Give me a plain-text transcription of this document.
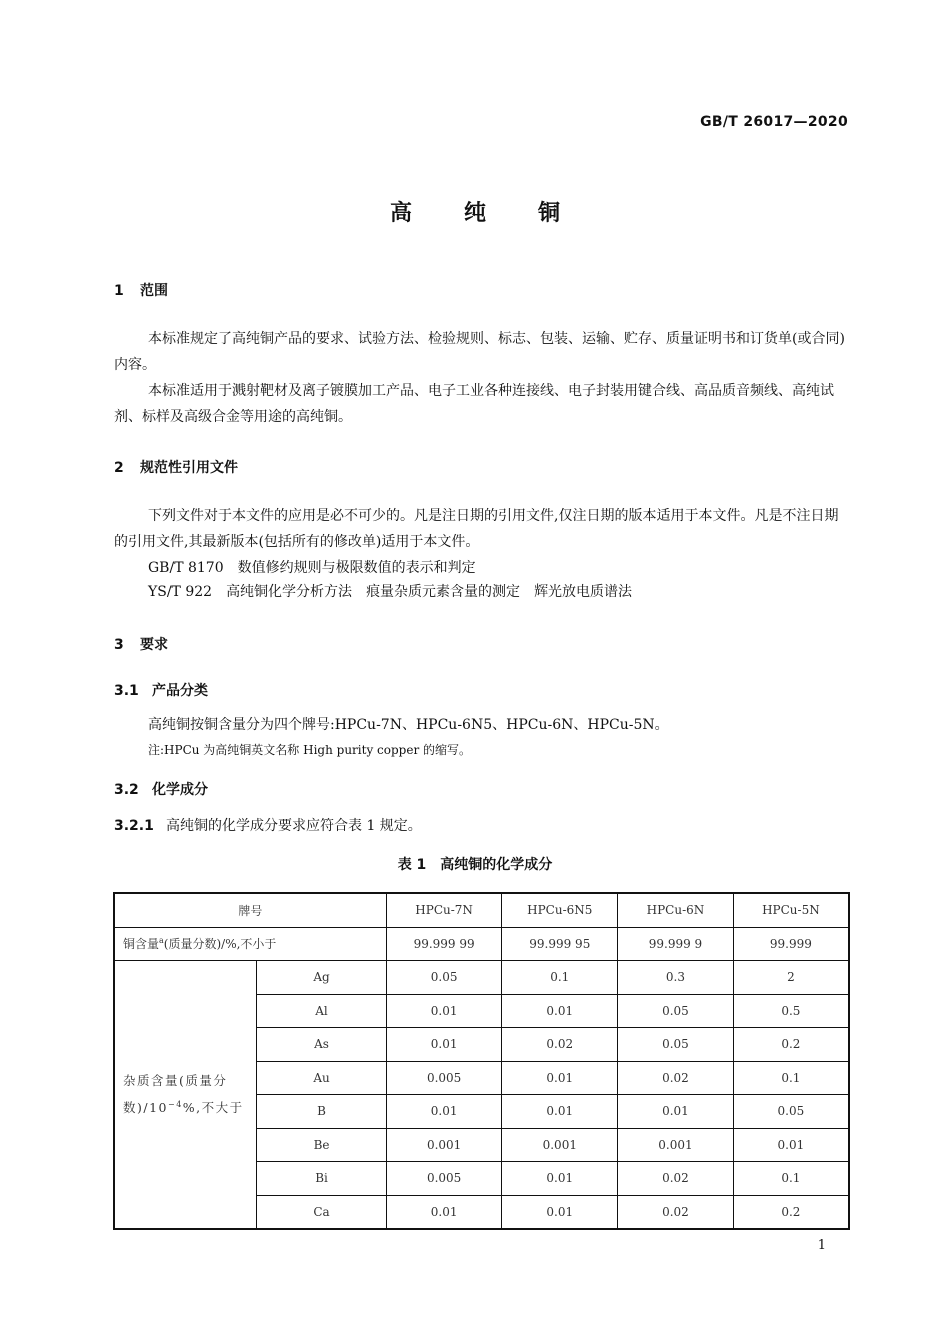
GB/T 26017—2020
高 纯 铜
1 范围
本标准规定了高纯铜产品的要求、试验方法、检验规则、标志、包装、运输、贮存、质量证明书和订货单(或合同)内容。
本标准适用于溅射靶材及离子镀膜加工产品、电子工业各种连接线、电子封装用键合线、高品质音频线、高纯试剂、标样及高级合金等用途的高纯铜。
2 规范性引用文件
下列文件对于本文件的应用是必不可少的。凡是注日期的引用文件,仅注日期的版本适用于本文件。凡是不注日期的引用文件,其最新版本(包括所有的修改单)适用于本文件。
GB/T 8170  数值修约规则与极限数值的表示和判定
YS/T 922  高纯铜化学分析方法  痕量杂质元素含量的测定  辉光放电质谱法
3 要求
3.1 产品分类
高纯铜按铜含量分为四个牌号:HPCu-7N、HPCu-6N5、HPCu-6N、HPCu-5N。
注:HPCu 为高纯铜英文名称 High purity copper 的缩写。
3.2 化学成分
3.2.1 高纯铜的化学成分要求应符合表 1 规定。
表 1　高纯铜的化学成分
牌号		HPCu-7N	HPCu-6N5	HPCu-6N	HPCu-5N
铜含量$^a$(质量分数)/%,不小于		99.999 99	99.999 95	99.999 9	99.999
杂质含量(质量分
数)$/10^{-4}\%$,不大于	Ag	0.05	0.1	0.3	2
	Al	0.01	0.01	0.05	0.5
	As	0.01	0.02	0.05	0.2
	Au	0.005	0.01	0.02	0.1
	B	0.01	0.01	0.01	0.05
	Be	0.001	0.001	0.001	0.01
	Bi	0.005	0.01	0.02	0.1
	Ca	0.01	0.01	0.02	0.2
1
